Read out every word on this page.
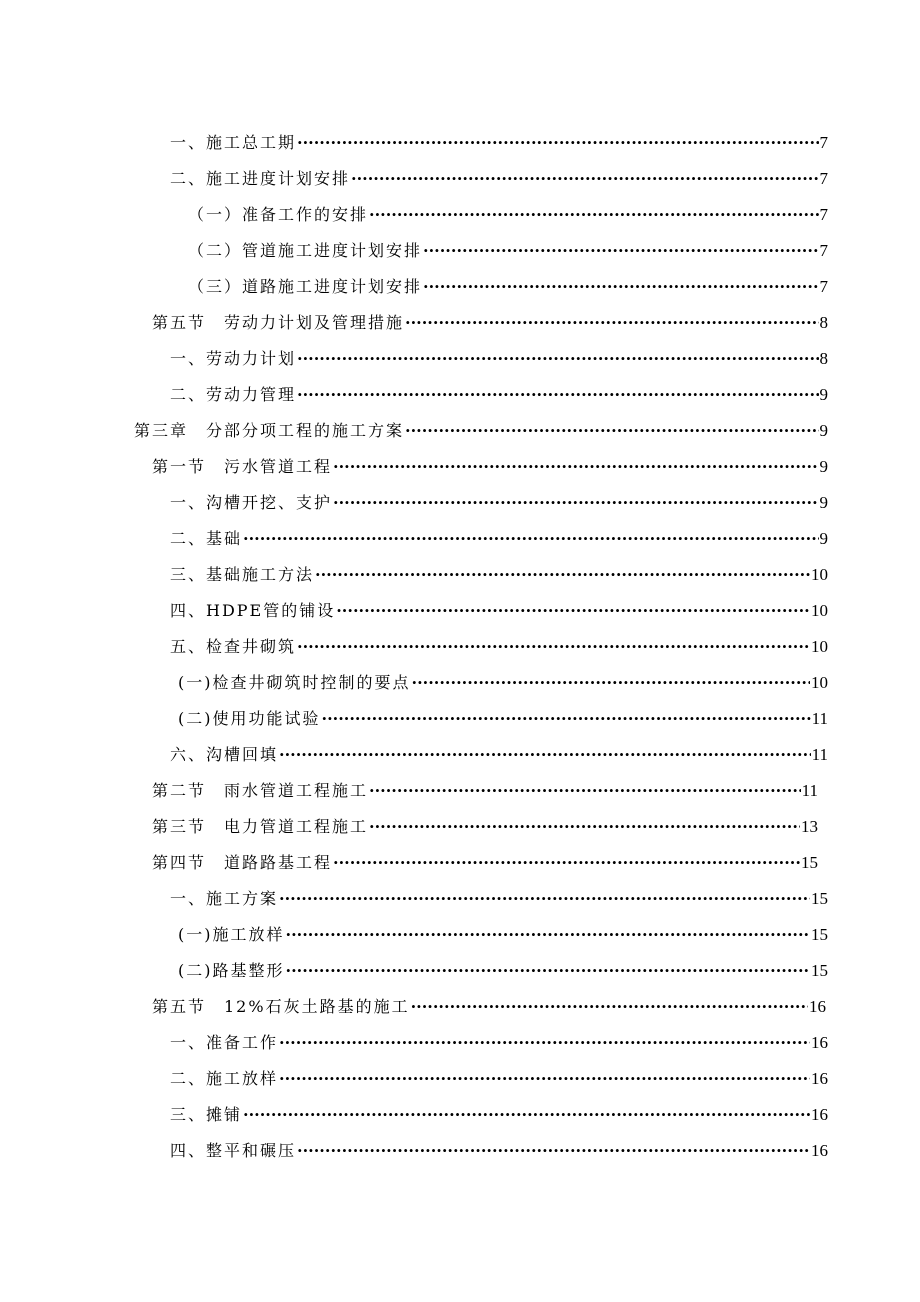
一、施工总工期 ·····	7
二、施工进度计划安排 ·····	7
（一）准备工作的安排 ·····	7
（二）管道施工进度计划安排 ·····	7
（三）道路施工进度计划安排 ·····	7
第五节　劳动力计划及管理措施 ·····	8
一、劳动力计划 ·····	8
二、劳动力管理 ·····	9
第三章　分部分项工程的施工方案 ·····	9
第一节　污水管道工程 ·····	9
一、沟槽开挖、支护 ·····	9
二、基础 ·····	9
三、基础施工方法 ·····	10
四、HDPE管的铺设 ·····	10
五、检查井砌筑 ·····	10
(一)检查井砌筑时控制的要点 ·····	10
(二)使用功能试验 ·····	11
六、沟槽回填 ·····	11
第二节　雨水管道工程施工 ·····	11
第三节　电力管道工程施工 ·····	13
第四节　道路路基工程 ·····	15
一、施工方案 ·····	15
(一)施工放样 ·····	15
(二)路基整形 ·····	15
第五节　12%石灰土路基的施工 ·····	16
一、准备工作 ·····	16
二、施工放样 ·····	16
三、摊铺 ·····	16
四、整平和碾压 ·····	16
